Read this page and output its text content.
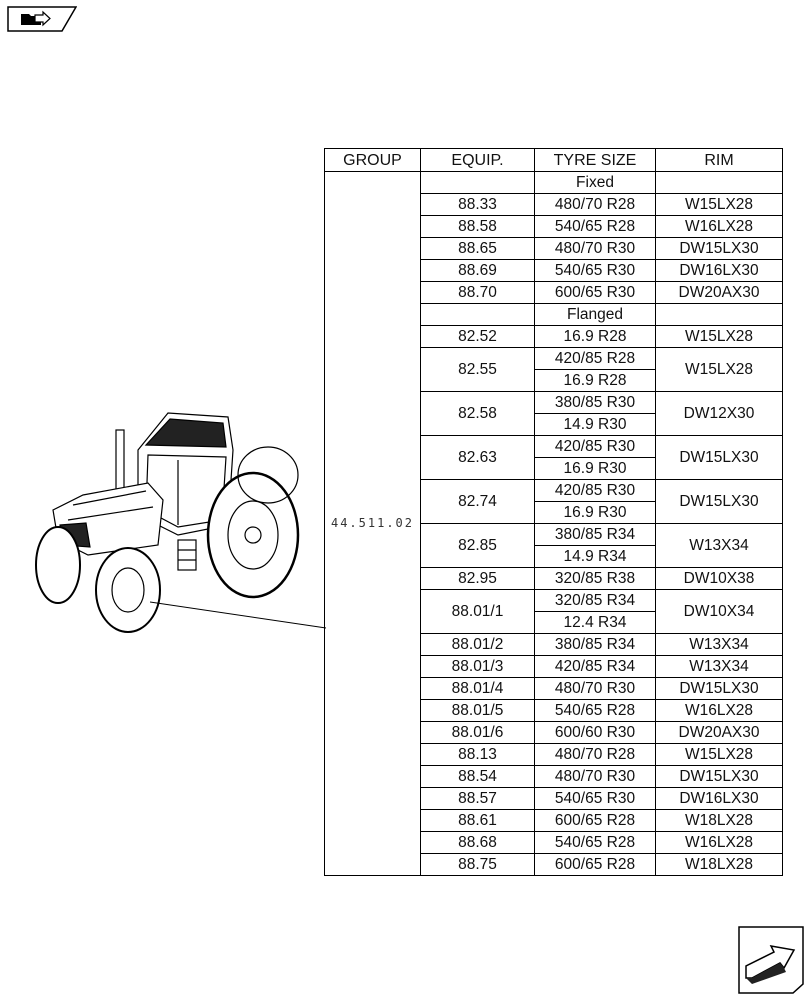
GROUP	EQUIP.	TYRE SIZE	RIM
44.511.02		Fixed	
	88.33	480/70 R28	W15LX28
	88.58	540/65 R28	W16LX28
	88.65	480/70 R30	DW15LX30
	88.69	540/65 R30	DW16LX30
	88.70	600/65 R30	DW20AX30
		Flanged	
	82.52	16.9 R28	W15LX28
	82.55	420/85 R28	W15LX28
		16.9 R28	
	82.58	380/85 R30	DW12X30
		14.9 R30	
	82.63	420/85 R30	DW15LX30
		16.9 R30	
	82.74	420/85 R30	DW15LX30
		16.9 R30	
	82.85	380/85 R34	W13X34
		14.9 R34	
	82.95	320/85 R38	DW10X38
	88.01/1	320/85 R34	DW10X34
		12.4 R34	
	88.01/2	380/85 R34	W13X34
	88.01/3	420/85 R34	W13X34
	88.01/4	480/70 R30	DW15LX30
	88.01/5	540/65 R28	W16LX28
	88.01/6	600/60 R30	DW20AX30
	88.13	480/70 R28	W15LX28
	88.54	480/70 R30	DW15LX30
	88.57	540/65 R30	DW16LX30
	88.61	600/65 R28	W18LX28
	88.68	540/65 R28	W16LX28
	88.75	600/65 R28	W18LX28
